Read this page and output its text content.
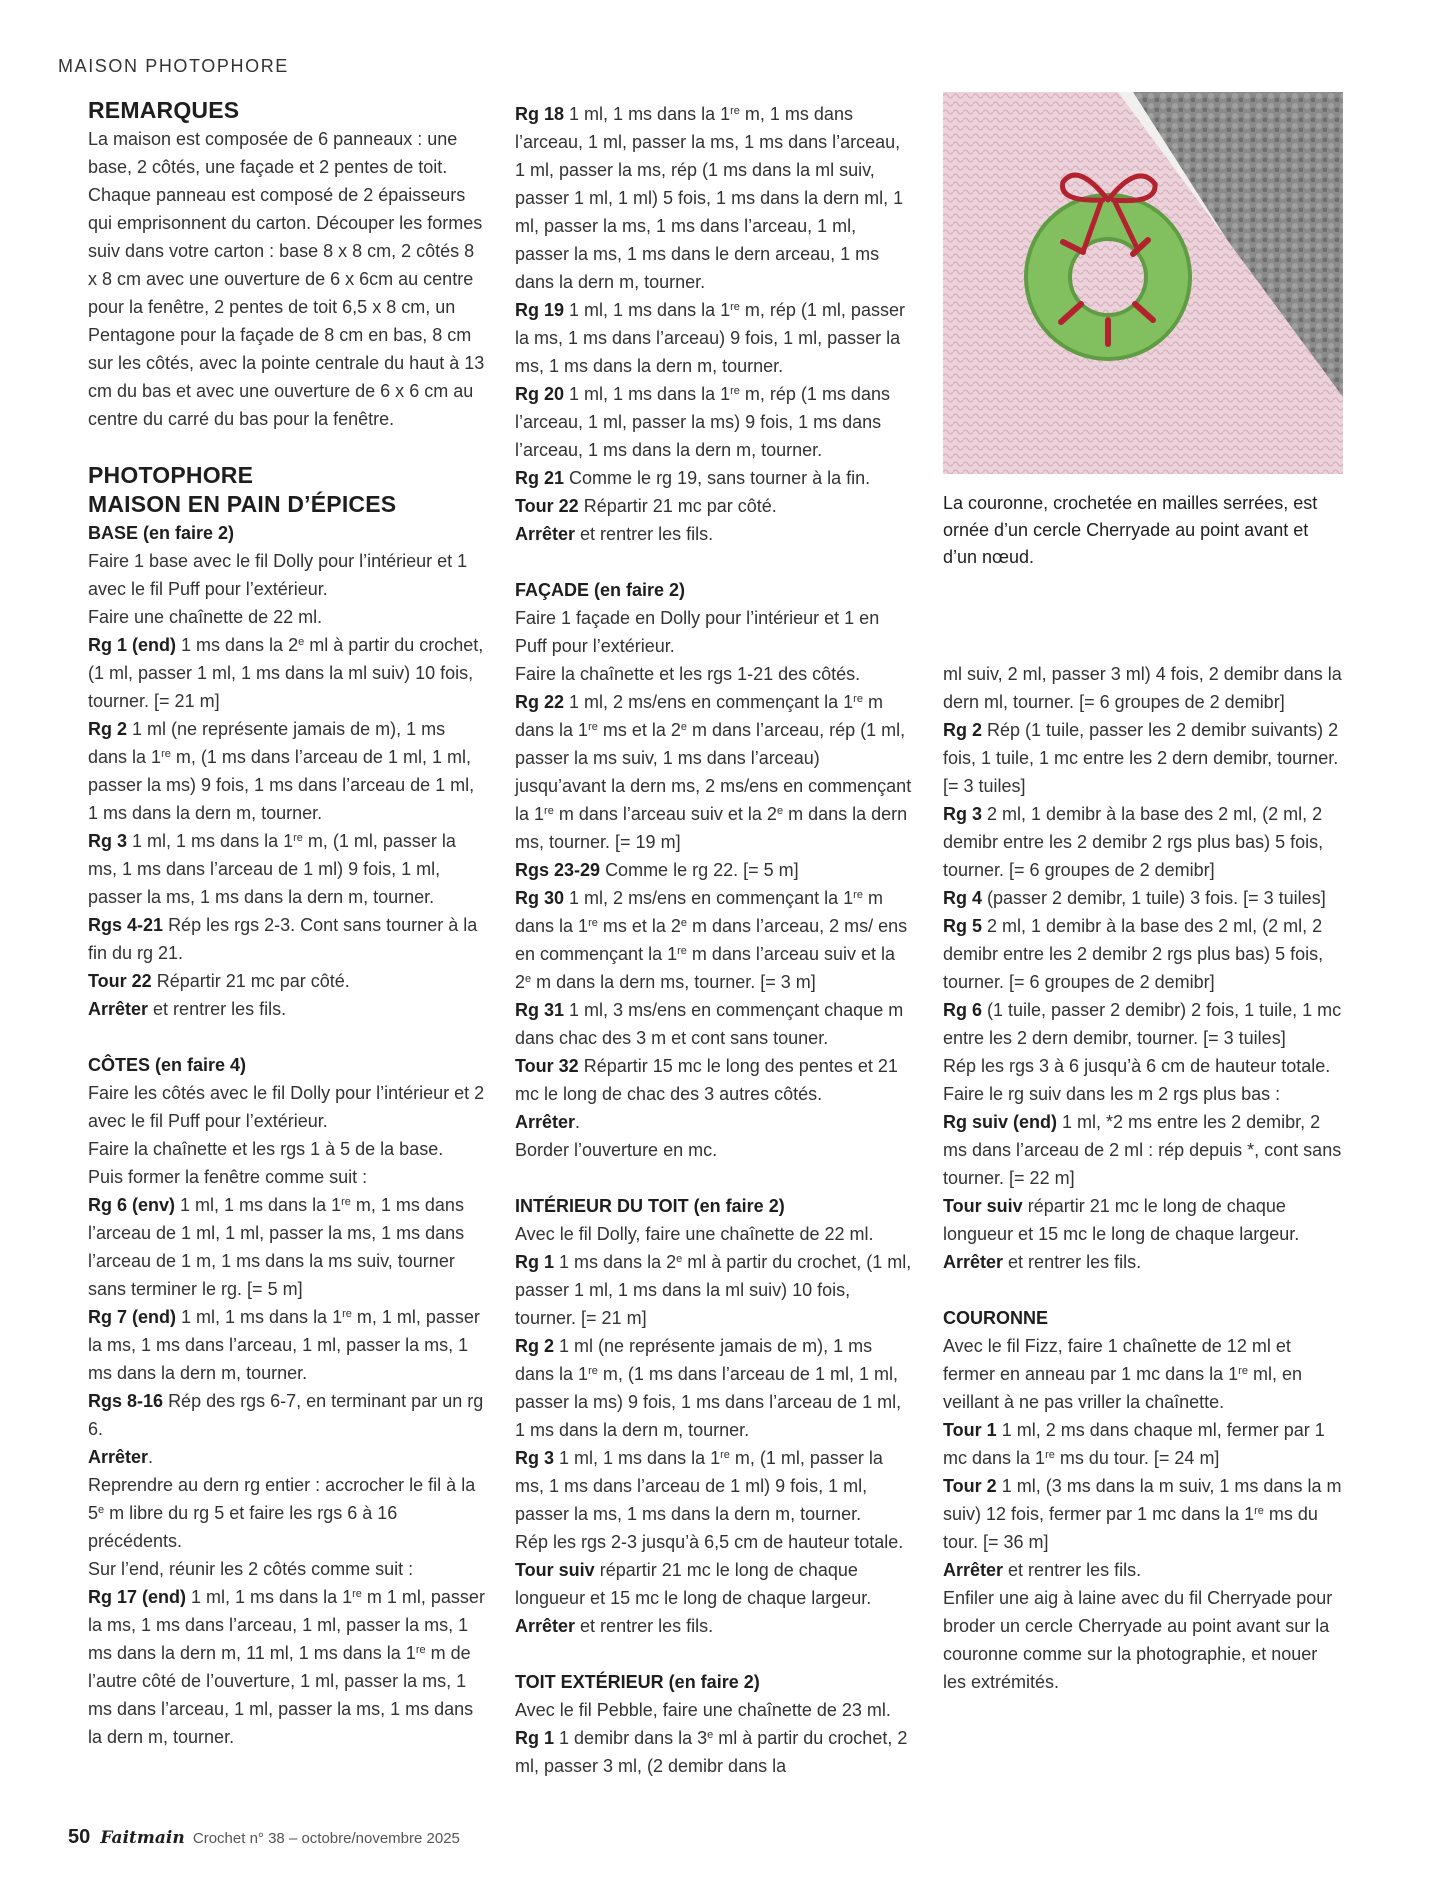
MAISON PHOTOPHORE

REMARQUES

La maison est composée de 6 panneaux : une base, 2 côtés, une façade et 2 pentes de toit. Chaque panneau est composé de 2 épaisseurs qui emprisonnent du carton. Découper les formes suiv dans votre carton : base 8 x 8 cm, 2 côtés 8 x 8 cm avec une ouverture de 6 x 6cm au centre pour la fenêtre, 2 pentes de toit 6,5 x 8 cm, un Pentagone pour la façade de 8 cm en bas, 8 cm sur les côtés, avec la pointe centrale du haut à 13 cm du bas et avec une ouverture de 6 x 6 cm au centre du carré du bas pour la fenêtre.

PHOTOPHORE

MAISON EN PAIN D’ÉPICES

BASE (en faire 2)

Faire 1 base avec le fil Dolly pour l’intérieur et 1 avec le fil Puff pour l’extérieur.

Faire une chaînette de 22 ml.

Rg 1 (end) 1 ms dans la 2e ml à partir du crochet, (1 ml, passer 1 ml, 1 ms dans la ml suiv) 10 fois, tourner. [= 21 m]

Rg 2 1 ml (ne représente jamais de m), 1 ms dans la 1re m, (1 ms dans l’arceau de 1 ml, 1 ml, passer la ms) 9 fois, 1 ms dans l’arceau de 1 ml, 1 ms dans la dern m, tourner.

Rg 3 1 ml, 1 ms dans la 1re m, (1 ml, passer la ms, 1 ms dans l’arceau de 1 ml) 9 fois, 1 ml, passer la ms, 1 ms dans la dern m, tourner.

Rgs 4-21 Rép les rgs 2-3. Cont sans tourner à la fin du rg 21.

Tour 22 Répartir 21 mc par côté.

Arrêter et rentrer les fils.

CÔTES (en faire 4)

Faire les côtés avec le fil Dolly pour l’intérieur et 2 avec le fil Puff pour l’extérieur.

Faire la chaînette et les rgs 1 à 5 de la base.

Puis former la fenêtre comme suit :

Rg 6 (env) 1 ml, 1 ms dans la 1re m, 1 ms dans l’arceau de 1 ml, 1 ml, passer la ms, 1 ms dans l’arceau de 1 m, 1 ms dans la ms suiv, tourner sans terminer le rg. [= 5 m]

Rg 7 (end) 1 ml, 1 ms dans la 1re m, 1 ml, passer la ms, 1 ms dans l’arceau, 1 ml, passer la ms, 1 ms dans la dern m, tourner.

Rgs 8-16 Rép des rgs 6-7, en terminant par un rg 6.

Arrêter.

Reprendre au dern rg entier : accrocher le fil à la 5e m libre du rg 5 et faire les rgs 6 à 16 précédents.

Sur l’end, réunir les 2 côtés comme suit :

Rg 17 (end) 1 ml, 1 ms dans la 1re m 1 ml, passer la ms, 1 ms dans l’arceau, 1 ml, passer la ms, 1 ms dans la dern m, 11 ml, 1 ms dans la 1re m de l’autre côté de l’ouverture, 1 ml, passer la ms, 1 ms dans l’arceau, 1 ml, passer la ms, 1 ms dans la dern m, tourner.

Rg 18 1 ml, 1 ms dans la 1re m, 1 ms dans l’arceau, 1 ml, passer la ms, 1 ms dans l’arceau, 1 ml, passer la ms, rép (1 ms dans la ml suiv, passer 1 ml, 1 ml) 5 fois, 1 ms dans la dern ml, 1 ml, passer la ms, 1 ms dans l’arceau, 1 ml, passer la ms, 1 ms dans le dern arceau, 1 ms dans la dern m, tourner.

Rg 19 1 ml, 1 ms dans la 1re m, rép (1 ml, passer la ms, 1 ms dans l’arceau) 9 fois, 1 ml, passer la ms, 1 ms dans la dern m, tourner.

Rg 20 1 ml, 1 ms dans la 1re m, rép (1 ms dans l’arceau, 1 ml, passer la ms) 9 fois, 1 ms dans l’arceau, 1 ms dans la dern m, tourner.

Rg 21 Comme le rg 19, sans tourner à la fin.

Tour 22 Répartir 21 mc par côté.

Arrêter et rentrer les fils.

FAÇADE (en faire 2)

Faire 1 façade en Dolly pour l’intérieur et 1 en Puff pour l’extérieur.

Faire la chaînette et les rgs 1-21 des côtés.

Rg 22 1 ml, 2 ms/ens en commençant la 1re m dans la 1re ms et la 2e m dans l’arceau, rép (1 ml, passer la ms suiv, 1 ms dans l’arceau) jusqu’avant la dern ms, 2 ms/ens en commençant la 1re m dans l’arceau suiv et la 2e m dans la dern ms, tourner. [= 19 m]

Rgs 23-29 Comme le rg 22. [= 5 m]

Rg 30 1 ml, 2 ms/ens en commençant la 1re m dans la 1re ms et la 2e m dans l’arceau, 2 ms/ ens en commençant la 1re m dans l’arceau suiv et la 2e m dans la dern ms, tourner. [= 3 m]

Rg 31 1 ml, 3 ms/ens en commençant chaque m dans chac des 3 m et cont sans touner.

Tour 32 Répartir 15 mc le long des pentes et 21 mc le long de chac des 3 autres côtés.

Arrêter.

Border l’ouverture en mc.

INTÉRIEUR DU TOIT (en faire 2)

Avec le fil Dolly, faire une chaînette de 22 ml.

Rg 1 1 ms dans la 2e ml à partir du crochet, (1 ml, passer 1 ml, 1 ms dans la ml suiv) 10 fois, tourner. [= 21 m]

Rg 2 1 ml (ne représente jamais de m), 1 ms dans la 1re m, (1 ms dans l’arceau de 1 ml, 1 ml, passer la ms) 9 fois, 1 ms dans l’arceau de 1 ml, 1 ms dans la dern m, tourner.

Rg 3 1 ml, 1 ms dans la 1re m, (1 ml, passer la ms, 1 ms dans l’arceau de 1 ml) 9 fois, 1 ml, passer la ms, 1 ms dans la dern m, tourner.

Rép les rgs 2-3 jusqu’à 6,5 cm de hauteur totale.

Tour suiv répartir 21 mc le long de chaque longueur et 15 mc le long de chaque largeur.

Arrêter et rentrer les fils.

TOIT EXTÉRIEUR (en faire 2)

Avec le fil Pebble, faire une chaînette de 23 ml.

Rg 1 1 demibr dans la 3e ml à partir du crochet, 2 ml, passer 3 ml, (2 demibr dans la

La couronne, crochetée en mailles serrées, est ornée d’un cercle Cherryade au point avant et d’un nœud.

ml suiv, 2 ml, passer 3 ml) 4 fois, 2 demibr dans la dern ml, tourner. [= 6 groupes de 2 demibr]

Rg 2 Rép (1 tuile, passer les 2 demibr suivants) 2 fois, 1 tuile, 1 mc entre les 2 dern demibr, tourner. [= 3 tuiles]

Rg 3 2 ml, 1 demibr à la base des 2 ml, (2 ml, 2 demibr entre les 2 demibr 2 rgs plus bas) 5 fois, tourner. [= 6 groupes de 2 demibr]

Rg 4 (passer 2 demibr, 1 tuile) 3 fois. [= 3 tuiles]

Rg 5 2 ml, 1 demibr à la base des 2 ml, (2 ml, 2 demibr entre les 2 demibr 2 rgs plus bas) 5 fois, tourner. [= 6 groupes de 2 demibr]

Rg 6 (1 tuile, passer 2 demibr) 2 fois, 1 tuile, 1 mc entre les 2 dern demibr, tourner. [= 3 tuiles]

Rép les rgs 3 à 6 jusqu’à 6 cm de hauteur totale.

Faire le rg suiv dans les m 2 rgs plus bas :

Rg suiv (end) 1 ml, *2 ms entre les 2 demibr, 2 ms dans l’arceau de 2 ml : rép depuis *, cont sans tourner. [= 22 m]

Tour suiv répartir 21 mc le long de chaque longueur et 15 mc le long de chaque largeur.

Arrêter et rentrer les fils.

COURONNE

Avec le fil Fizz, faire 1 chaînette de 12 ml et fermer en anneau par 1 mc dans la 1re ml, en veillant à ne pas vriller la chaînette.

Tour 1 1 ml, 2 ms dans chaque ml, fermer par 1 mc dans la 1re ms du tour. [= 24 m]

Tour 2 1 ml, (3 ms dans la m suiv, 1 ms dans la m suiv) 12 fois, fermer par 1 mc dans la 1re ms du tour. [= 36 m]

Arrêter et rentrer les fils.

Enfiler une aig à laine avec du fil Cherryade pour broder un cercle Cherryade au point avant sur la couronne comme sur la photographie, et nouer les extrémités.

50 Faitmain Crochet n° 38 – octobre/novembre 2025
